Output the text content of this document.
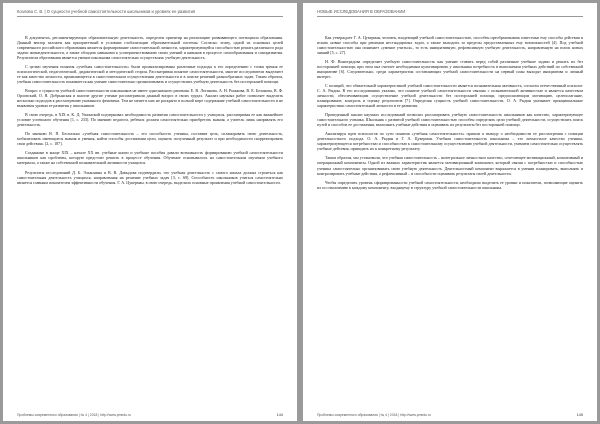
Козлова С. В. | О сущности учебной самостоятельности школьников и уровнях ее развития

В документах, регламентирующих образовательную деятельность, определен ориентир на реализацию развивающего потенциала образования. Данный вектор заложен как приоритетный в условиях глобализации образовательной системы. Согласно этому, одной из основных целей современного российского образования является формирование самостоятельной личности, характеризующейся способностью решать различного рода задачи жизнедеятельности, а также обладать навыками к усовершенствованию своих умений и навыков в процессе самообразования и саморазвития. Результатом образования является умение школьника самостоятельно осуществлять учебную деятельность.

С целью изучения понятия «учебная самостоятельность» были проанализированы различные подходы к его определению с точки зрения ее психологической, педагогической, дидактической и методической сторон. Рассматривая понятие самостоятельности, многие исследователи выделяют ее как качество личности, проявляющееся в самостоятельном осуществлении деятельности и в поиске решений разнообразных задач. Таким образом, учебная самостоятельность понимается как умение самостоятельно организовывать и осуществлять учебную деятельность без посторонней помощи.

Вопрос о сущности учебной самостоятельности школьников не имеет однозначного решения. Е. В. Логинова, А. Н. Рыжкова, В. Е. Беланова, В. Ф. Орловский, О. Я. Добрынская и многие другие ученые рассматривали данный вопрос в своих трудах. Анализ научных работ позволяет выделить несколько подходов к рассмотрению указанного феномена. Тем не менее в них не раскрыто в полной мере содержание учебной самостоятельности и не выявлены уровни ее развития у школьников.

В свою очередь, в XIX в. К. Д. Ушинский подчеркивал необходимость развития самостоятельности у учащихся, рассматривая ее как важнейшее условие успешного обучения [1, с. 233]. По мнению педагога, ребенок должен самостоятельно приобретать знания, а учитель лишь направлять его деятельность.

По мнению В. П. Беспалько «учебная самостоятельность – это способность ученика, поставив цель, спланировать свою деятельность, мобилизовать имеющиеся знания и умения, найти способы достижения цели, оценить полученный результат и при необходимости скорректировать свои действия» [2, с. 187].

Созданные в конце XIX – начале XX вв. учебные книги и учебные пособия давали возможность формированию учебной самостоятельности школьников как проблемы, которую предстоит решить в процессе обучения. Обучение основывалось на самостоятельном изучении учебного материала, а также на собственной познавательной активности учащихся.

Результаты исследований Д. Б. Эльконина и В. В. Давыдова подтвердили, что учебная деятельность с самого начала должна строиться как самостоятельная деятельность учащихся, направленная на решение учебных задач [3, с. 69]. Способность школьников учиться самостоятельно является главным показателем эффективности обучения. Г. А. Цукерман, в свою очередь, выделила основные проявления учебной самостоятельности.

Проблемы современного образования | № 4 | 2018 | http://www.pmedu.ru	144
НОВЫЕ ИССЛЕДОВАНИЯ В ОБРАЗОВАНИИ

Как утверждает Г. А. Цукерман, человек, владеющий учебной самостоятельностью, способен преобразовывать известные ему способы действия и искать новые способы при решении нестандартных задач, а также выходить за пределы предоставленных ему возможностей [4]. Под учебной самостоятельностью она понимает «умение учиться», то есть инициативную, рефлексивную учебную деятельность, направленную на поиск новых знаний [5, с. 27].

Н. Ф. Виноградова определяет учебную самостоятельность как умение ставить перед собой различные учебные задачи и решать их без посторонней помощи, при этом она считает необходимым культивировать у школьника потребность в выполнении учебных действий по собственной инициативе [6]. Следовательно, среди характеристик составляющих учебной самостоятельности на первый план выходят инициатива и личный интерес.

С позиций, что обязательной характеристикой учебной самостоятельности является познавательная активность, согласен отечественный психолог С. А. Рыдин. В его исследованиях указано, что понятие учебной самостоятельности связано с познавательной активностью и является качеством личности, обеспечивающим осуществление учебной деятельности без посторонней помощи, предполагающим мотивацию, целеполагание, планирование, контроль и оценку результатов [7]. Определяя сущность учебной самостоятельности, О. А. Рыдин указывает принципиальные характеристики самостоятельной личности и ее развития.

Проведенный анализ научных исследований позволил рассматривать учебную самостоятельность школьников как качество, характеризующее самостоятельного ученика. Школьник с развитой учебной самостоятельностью способен определять цели учебной деятельности, осуществлять поиск путей и способов ее достижения, выполнять учебные действия и оценивать их результаты без посторонней помощи.

Анализируя идеи психологов по сути понятия «учебная самостоятельность» пришли к выводу о необходимости ее рассмотрения с позиции деятельностного подхода. О. А. Рыдин и Г. А. Цукерман. Учебная самостоятельность школьника – это личностное качество ученика, характеризующееся потребностью и способностью к самостоятельному осуществлению учебной деятельности, умением самостоятельно осуществлять учебные действия, приводить их к конкретному результату.

Таким образом, мы установили, что учебная самостоятельность – интегральное личностное качество, сочетающее мотивационный, когнитивный и операционный компоненты. Одной из важных характеристик является мотивационный компонент, который связан с потребностью и способностью ученика самостоятельно организовывать свою учебную деятельность. Деятельностный компонент выражается в умении планировать, выполнять и контролировать учебные действия, а рефлексивный – в способности оценивать результаты своей деятельности.

Чтобы определить уровень сформированности учебной самостоятельности, необходимо выделить ее уровни и показатели, позволяющие оценить их по отношению к каждому компоненту, входящему в структуру учебной самостоятельности школьника.

Проблемы современного образования | № 4 | 2018 | http://www.pmedu.ru	145
